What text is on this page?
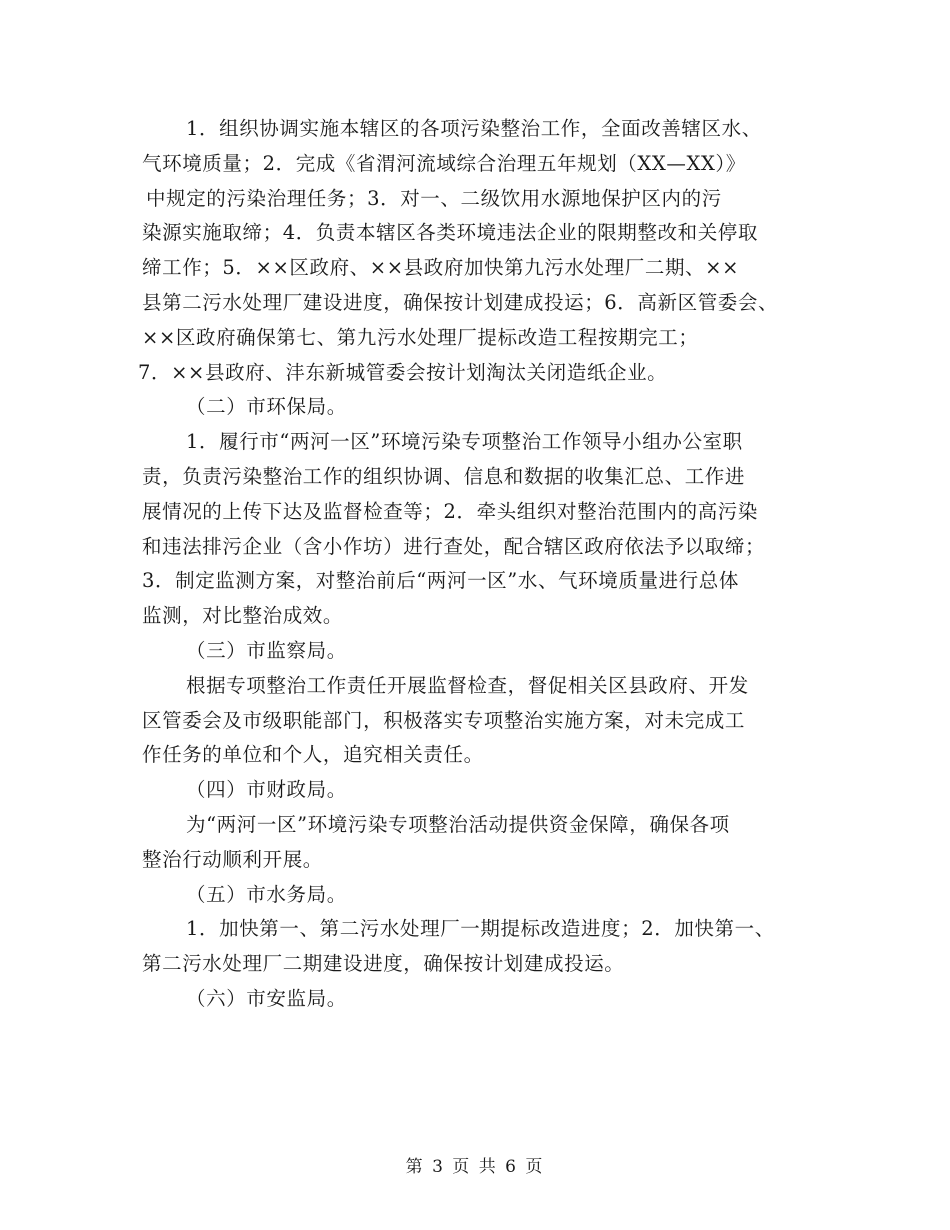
1．组织协调实施本辖区的各项污染整治工作，全面改善辖区水、
气环境质量；2．完成《省渭河流域综合治理五年规划（XX—XX）》
中规定的污染治理任务；3．对一、二级饮用水源地保护区内的污
染源实施取缔；4．负责本辖区各类环境违法企业的限期整改和关停取
缔工作；5．××区政府、××县政府加快第九污水处理厂二期、××
县第二污水处理厂建设进度，确保按计划建成投运；6．高新区管委会、
××区政府确保第七、第九污水处理厂提标改造工程按期完工；
7．××县政府、沣东新城管委会按计划淘汰关闭造纸企业。
（二）市环保局。
1．履行市“两河一区”环境污染专项整治工作领导小组办公室职
责，负责污染整治工作的组织协调、信息和数据的收集汇总、工作进
展情况的上传下达及监督检查等；2．牵头组织对整治范围内的高污染
和违法排污企业（含小作坊）进行查处，配合辖区政府依法予以取缔；
3．制定监测方案，对整治前后“两河一区”水、气环境质量进行总体
监测，对比整治成效。
（三）市监察局。
根据专项整治工作责任开展监督检查，督促相关区县政府、开发
区管委会及市级职能部门，积极落实专项整治实施方案，对未完成工
作任务的单位和个人，追究相关责任。
（四）市财政局。
为“两河一区”环境污染专项整治活动提供资金保障，确保各项
整治行动顺利开展。
（五）市水务局。
1．加快第一、第二污水处理厂一期提标改造进度；2．加快第一、
第二污水处理厂二期建设进度，确保按计划建成投运。
（六）市安监局。
第 3 页 共 6 页
